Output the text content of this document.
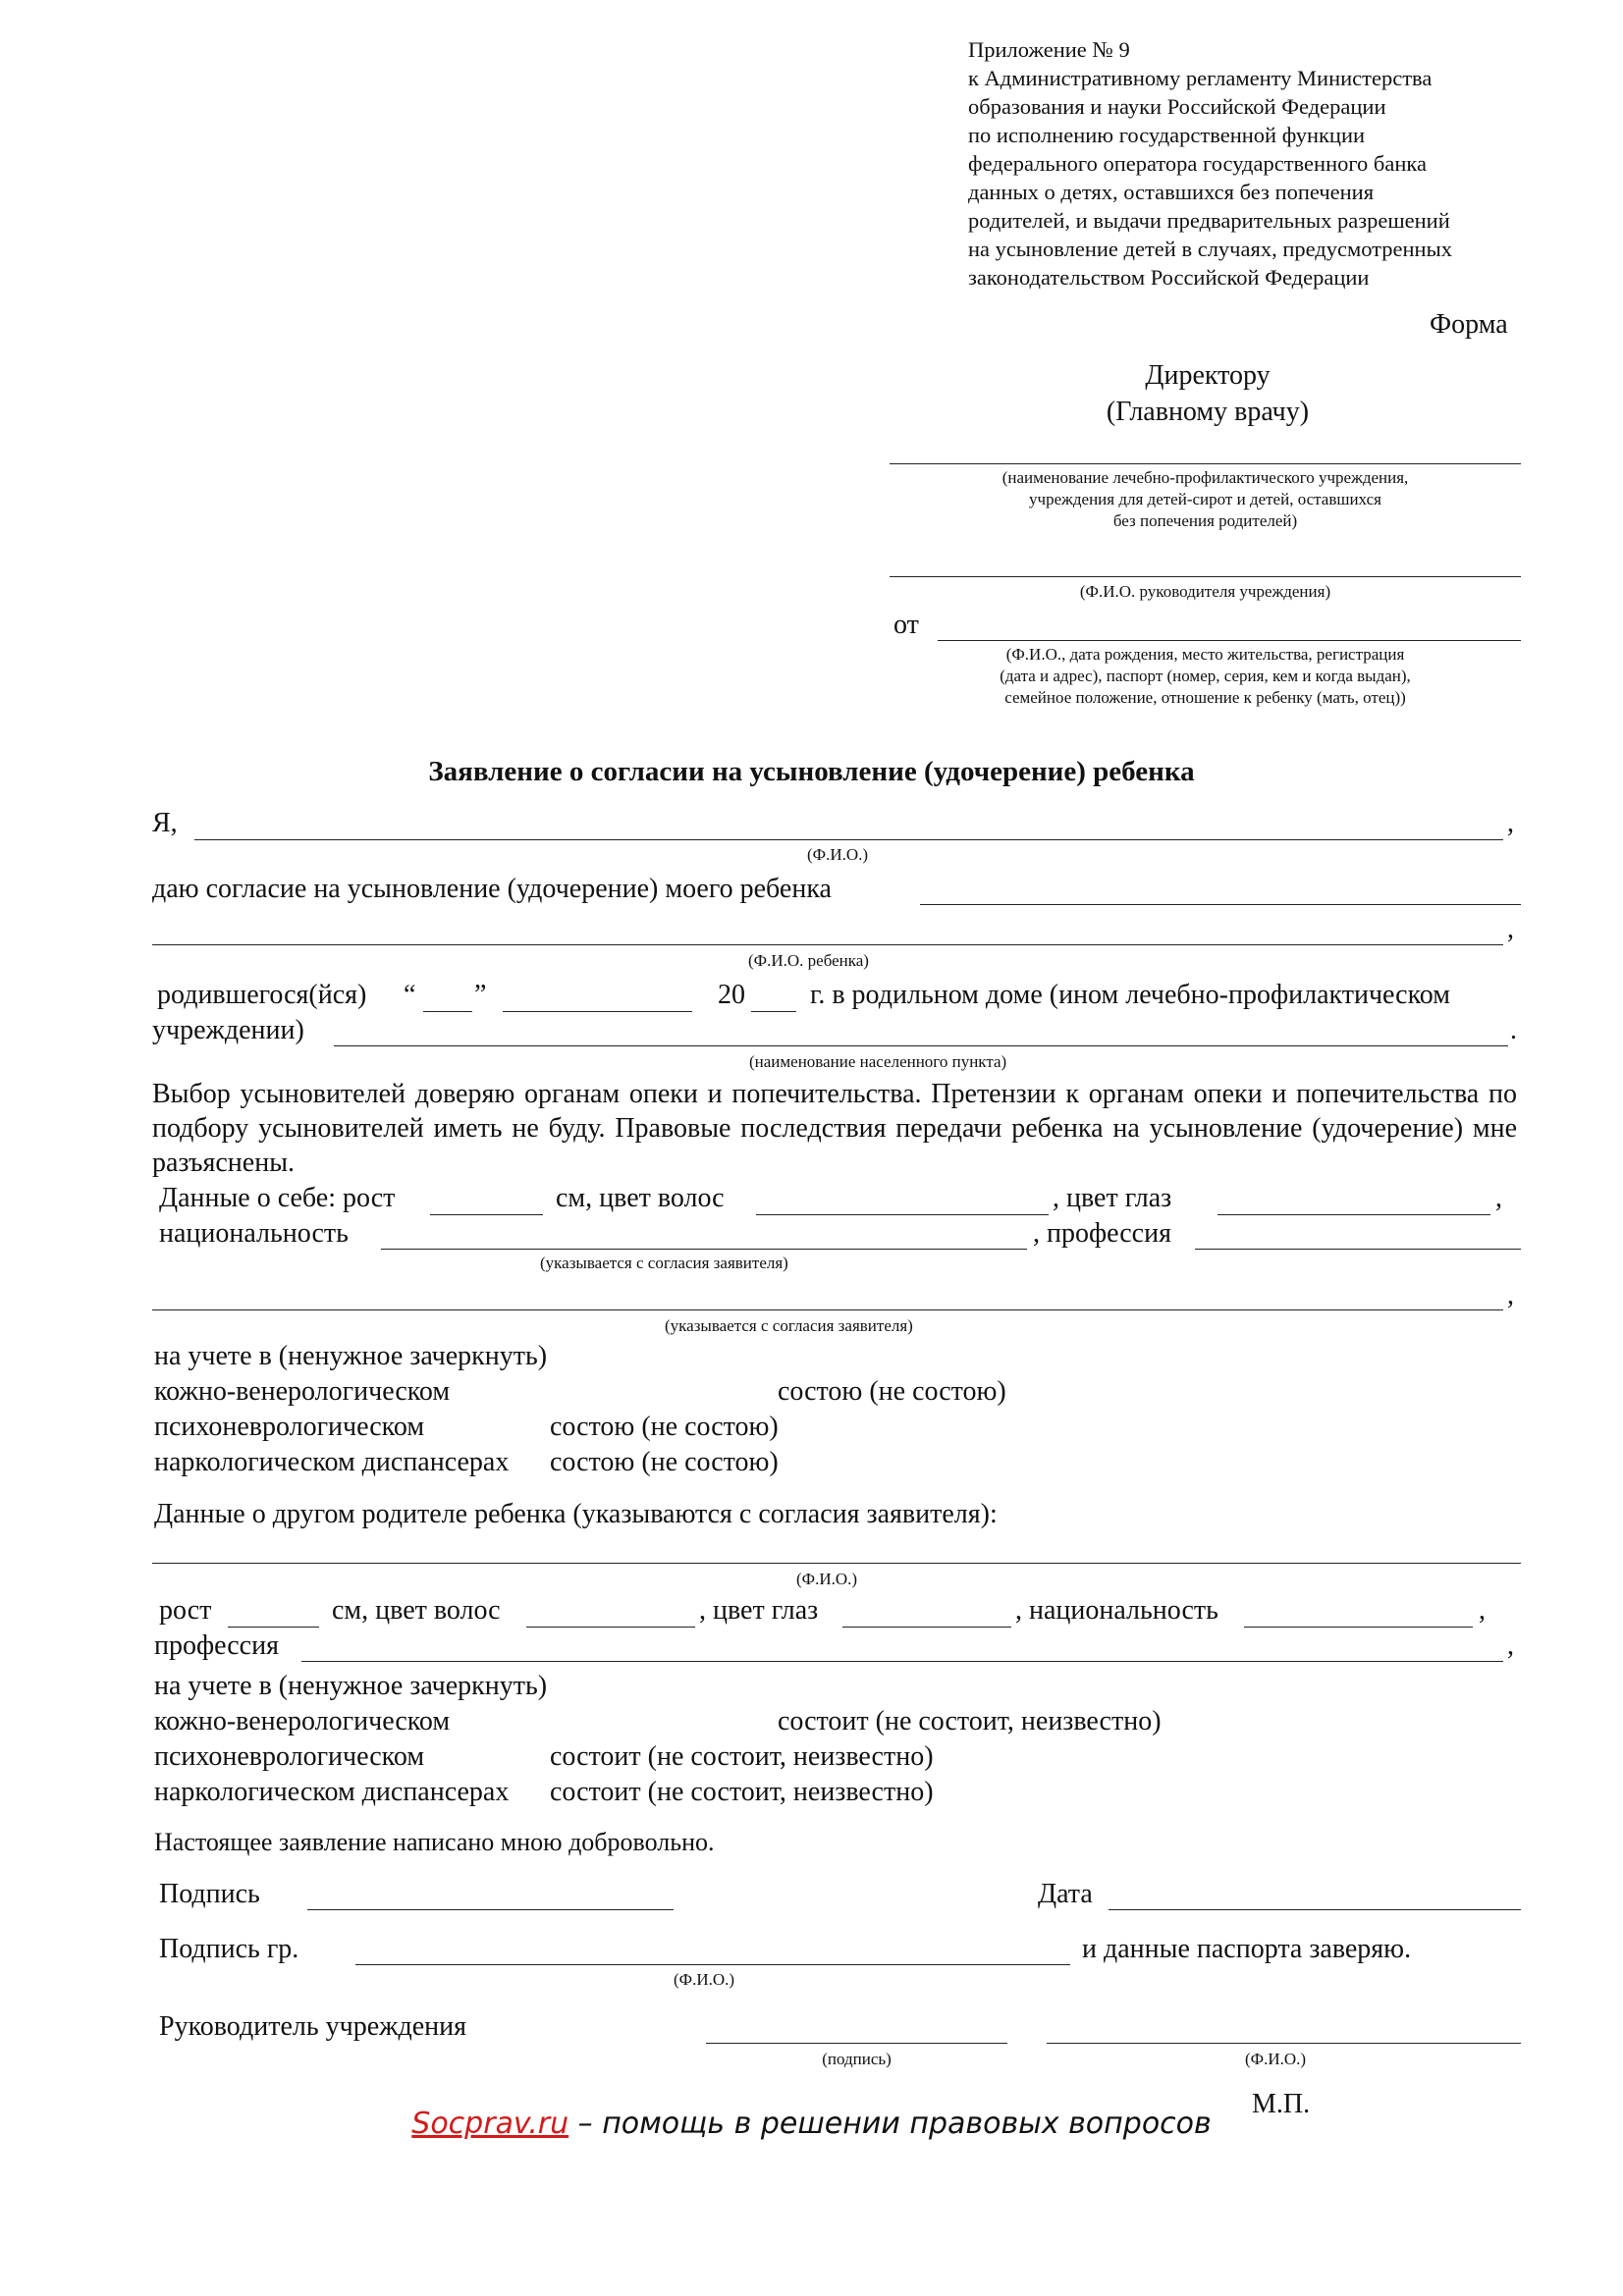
Приложение № 9
к Административному регламенту Министерства
образования и науки Российской Федерации
по исполнению государственной функции
федерального оператора государственного банка
данных о детях, оставшихся без попечения
родителей, и выдачи предварительных разрешений
на усыновление детей в случаях, предусмотренных
законодательством Российской Федерации
Форма
Директору
(Главному врачу)
(наименование лечебно-профилактического учреждения,
учреждения для детей-сирот и детей, оставшихся
без попечения родителей)
(Ф.И.О. руководителя учреждения)
от
(Ф.И.О., дата рождения, место жительства, регистрация
(дата и адрес), паспорт (номер, серия, кем и когда выдан),
семейное положение, отношение к ребенку (мать, отец))
Заявление о согласии на усыновление (удочерение) ребенка
Я,	,
(Ф.И.О.)
даю согласие на усыновление (удочерение) моего ребенка
,
(Ф.И.О. ребенка)
родившегося(йся) “ ”	20 г. в родильном доме (ином лечебно-профилактическом
учреждении)	.
(наименование населенного пункта)
Выбор усыновителей доверяю органам опеки и попечительства. Претензии к органам опеки и попечительства по подбору усыновителей иметь не буду. Правовые последствия передачи ребенка на усыновление (удочерение) мне разъяснены.
Данные о себе: рост	см, цвет волос	, цвет глаз	,
национальность	, профессия
(указывается с согласия заявителя)
,
(указывается с согласия заявителя)
на учете в (ненужное зачеркнуть)
кожно-венерологическом	состою (не состою)
психоневрологическом	состою (не состою)
наркологическом диспансерах состою (не состою)
Данные о другом родителе ребенка (указываются с согласия заявителя):
(Ф.И.О.)
рост	см, цвет волос	, цвет глаз	, национальность	,
профессия	,
на учете в (ненужное зачеркнуть)
кожно-венерологическом	состоит (не состоит, неизвестно)
психоневрологическом	состоит (не состоит, неизвестно)
наркологическом диспансерах состоит (не состоит, неизвестно)
Настоящее заявление написано мною добровольно.
Подпись	Дата
Подпись гр.	и данные паспорта заверяю.
(Ф.И.О.)
Руководитель учреждения
(подпись)	(Ф.И.О.)
М.П.
Socprav.ru – помощь в решении правовых вопросов
